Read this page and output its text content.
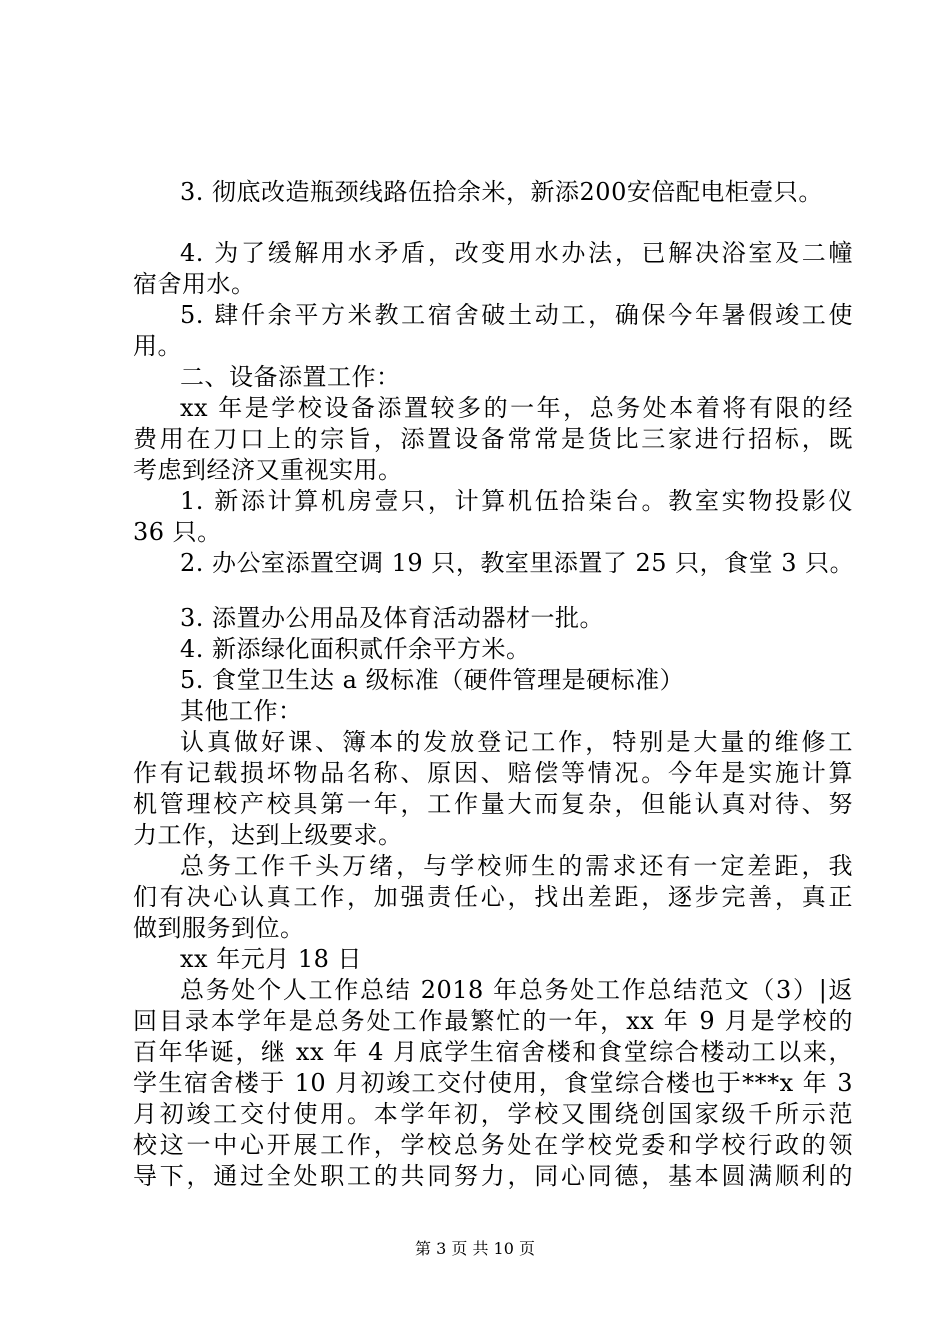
3. 彻底改造瓶颈线路伍拾余米，新添200安倍配电柜壹只。
4. 为了缓解用水矛盾，改变用水办法，已解决浴室及二幢
宿舍用水。
5. 肆仟余平方米教工宿舍破土动工，确保今年暑假竣工使
用。
二、设备添置工作：
xx 年是学校设备添置较多的一年，总务处本着将有限的经
费用在刀口上的宗旨，添置设备常常是货比三家进行招标，既
考虑到经济又重视实用。
1. 新添计算机房壹只，计算机伍拾柒台。教室实物投影仪
36 只。
2. 办公室添置空调 19 只，教室里添置了 25 只，食堂 3 只。
3. 添置办公用品及体育活动器材一批。
4. 新添绿化面积贰仟余平方米。
5. 食堂卫生达 a 级标准（硬件管理是硬标准）
其他工作：
认真做好课、簿本的发放登记工作，特别是大量的维修工
作有记载损坏物品名称、原因、赔偿等情况。今年是实施计算
机管理校产校具第一年，工作量大而复杂，但能认真对待、努
力工作，达到上级要求。
总务工作千头万绪，与学校师生的需求还有一定差距，我
们有决心认真工作，加强责任心，找出差距，逐步完善，真正
做到服务到位。
xx 年元月 18 日
总务处个人工作总结 2018 年总务处工作总结范文（3）|返
回目录本学年是总务处工作最繁忙的一年，xx 年 9 月是学校的
百年华诞，继 xx 年 4 月底学生宿舍楼和食堂综合楼动工以来，
学生宿舍楼于 10 月初竣工交付使用，食堂综合楼也于***x 年 3
月初竣工交付使用。本学年初，学校又围绕创国家级千所示范
校这一中心开展工作，学校总务处在学校党委和学校行政的领
导下，通过全处职工的共同努力，同心同德，基本圆满顺利的
第 3 页 共 10 页
